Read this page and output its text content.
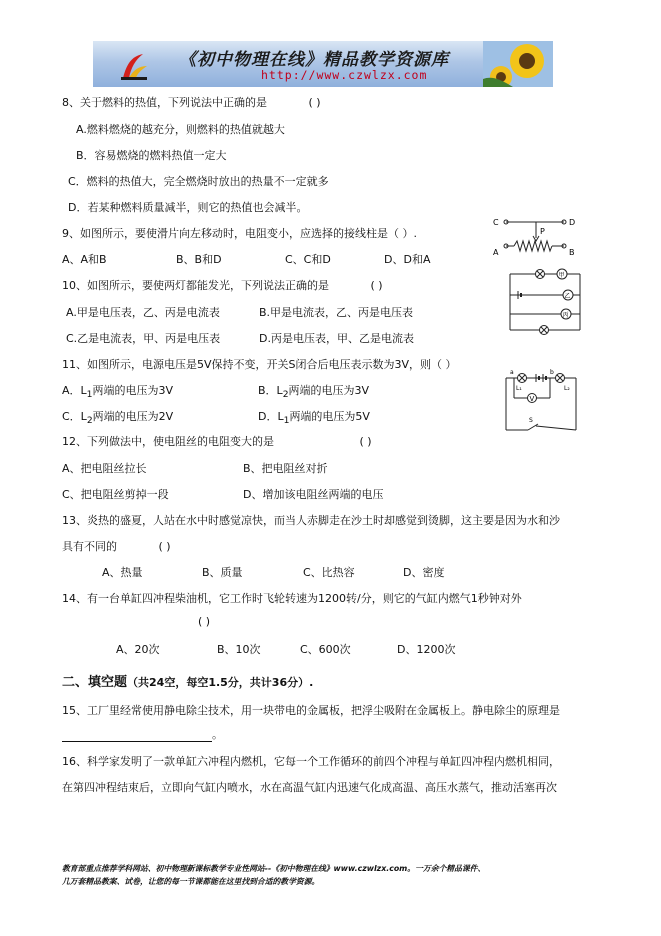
《初中物理在线》精品教学资源库
http://www.czwlzx.com
8、关于燃料的热值，下列说法中正确的是	( )
A.燃料燃烧的越充分，则燃料的热值就越大
B．容易燃烧的燃料热值一定大
C．燃料的热值大，完全燃烧时放出的热量不一定就多
D．若某种燃料质量减半，则它的热值也会减半。
9、如图所示，要使滑片向左移动时，电阻变小，应选择的接线柱是（ ）.
A、A和B	B、B和D	C、C和D	D、D和A
C	D
P
A	B
10、如图所示，要使两灯都能发光，下列说法正确的是	( )
A.甲是电压表，乙、丙是电流表	B.甲是电流表，乙、丙是电压表
C.乙是电流表，甲、丙是电压表	D.丙是电压表，甲、乙是电流表
甲
乙
丙
11、如图所示，电源电压是5V保持不变，开关S闭合后电压表示数为3V，则（ ）
A．$L_1$两端的电压为3V	B．$L_2$两端的电压为3V
C．$L_2$两端的电压为2V	D．$L_1$两端的电压为5V
V
a	b
L₁	L₂
S
12、下列做法中，使电阻丝的电阻变大的是	( )
A、把电阻丝拉长	B、把电阻丝对折
C、把电阻丝剪掉一段	D、增加该电阻丝两端的电压
13、炎热的盛夏，人站在水中时感觉凉快，而当人赤脚走在沙土时却感觉到烫脚，这主要是因为水和沙
具有不同的	( )
A、热量	B、质量	C、比热容	D、密度
14、有一台单缸四冲程柴油机，它工作时飞轮转速为1200转/分，则它的气缸内燃气1秒钟对外
( )
A、20次	B、10次	C、600次	D、1200次
二、填空题（共24空，每空1.5分，共计36分）.
15、工厂里经常使用静电除尘技术，用一块带电的金属板，把浮尘吸附在金属板上。静电除尘的原理是
。
16、科学家发明了一款单缸六冲程内燃机，它每一个工作循环的前四个冲程与单缸四冲程内燃机相同，
在第四冲程结束后，立即向气缸内喷水，水在高温气缸内迅速气化成高温、高压水蒸气，推动活塞再次
教育部重点推荐学科网站、初中物理新课标教学专业性网站--《初中物理在线》www.czwlzx.com。一万余个精品课件、
几万套精品教案、试卷，让您的每一节课都能在这里找到合适的教学资源。
